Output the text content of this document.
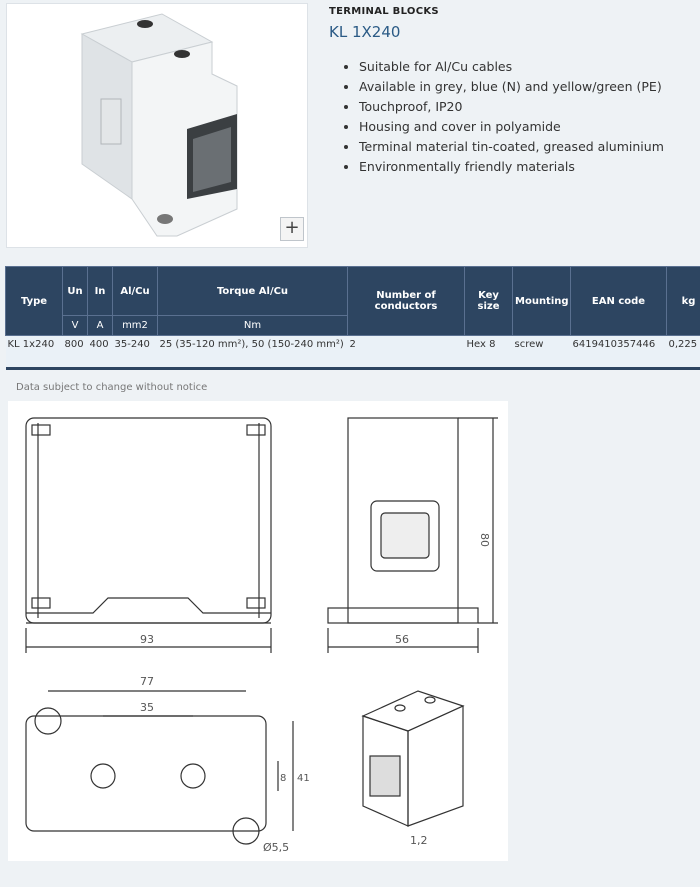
+
TERMINAL BLOCKS
KL 1X240
• Suitable for Al/Cu cables
• Available in grey, blue (N) and yellow/green (PE)
• Touchproof, IP20
• Housing and cover in polyamide
• Terminal material tin-coated, greased aluminium
• Environmentally friendly materials
Type	Un	In	Al/Cu	Torque Al/Cu	Number of conductors	Key size	Mounting	EAN code	kg
	V	A	mm2	Nm					
KL 1x240	800	400	35-240	25 (35-120 mm²), 50 (150-240 mm²)	2	Hex 8	screw	6419410357446	0,225
Data subject to change without notice
93	56
80
77
35
8 41
Ø5,5
1,2
